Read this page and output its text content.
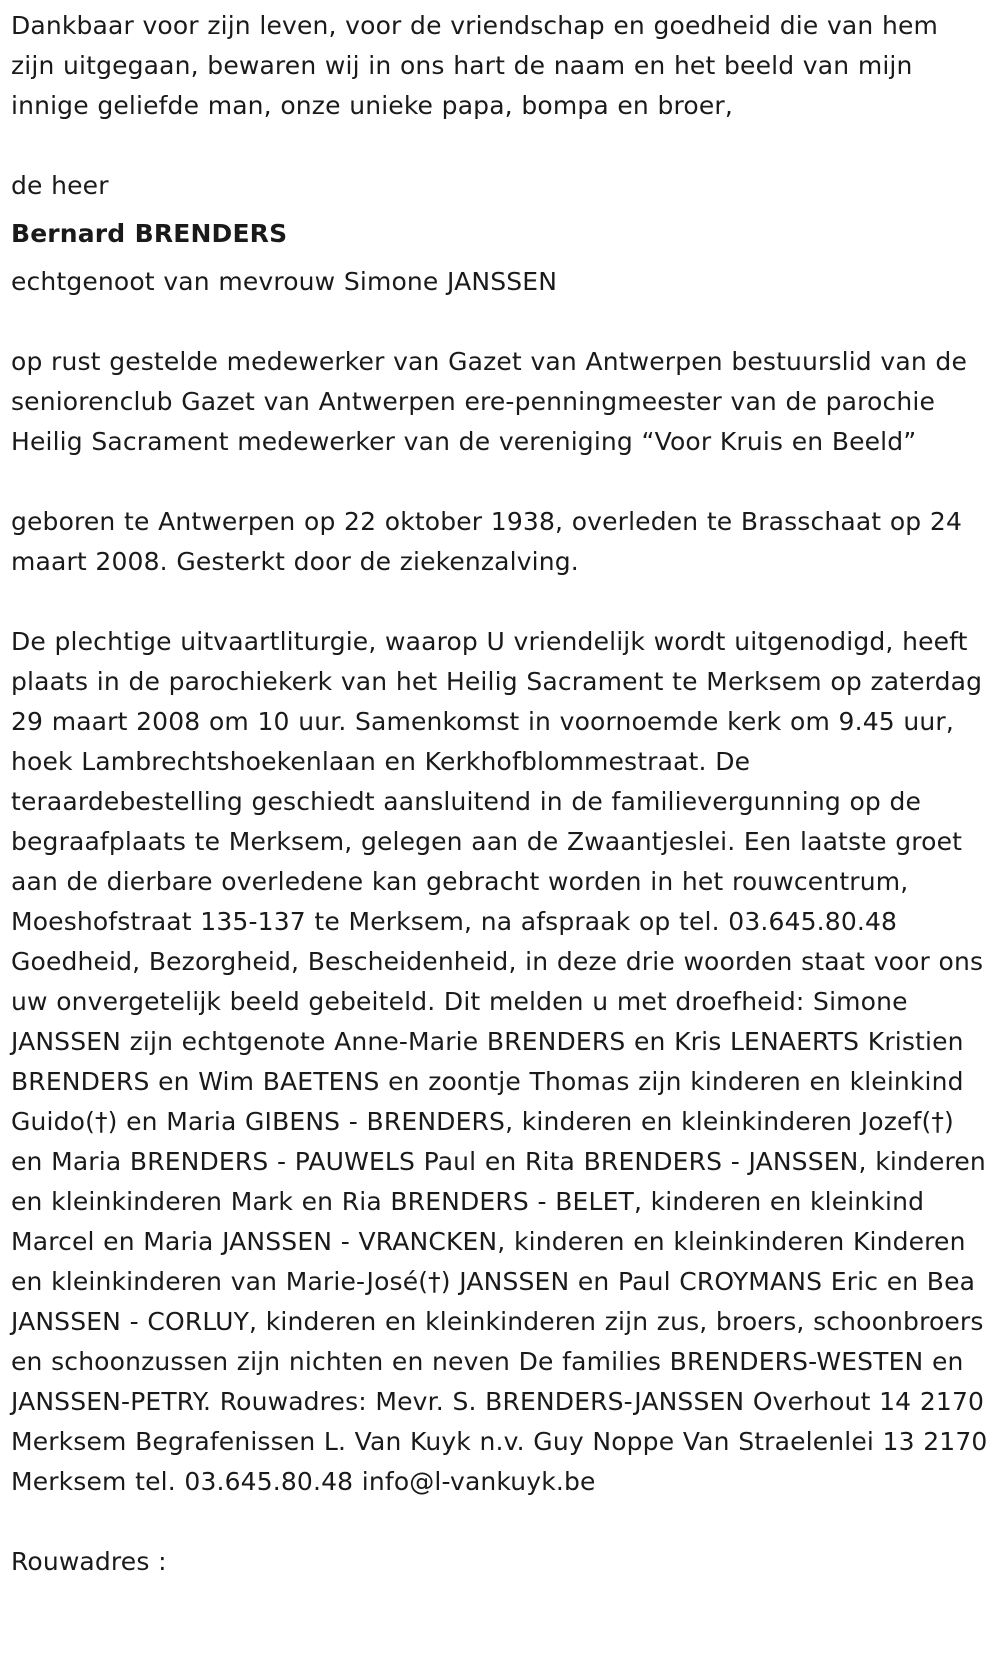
Dankbaar voor zijn leven, voor de vriendschap en goedheid die van hem zijn uitgegaan, bewaren wij in ons hart de naam en het beeld van mijn innige geliefde man, onze unieke papa, bompa en broer,

de heer

Bernard BRENDERS

echtgenoot van mevrouw Simone JANSSEN

op rust gestelde medewerker van Gazet van Antwerpen bestuurslid van de seniorenclub Gazet van Antwerpen ere-penningmeester van de parochie Heilig Sacrament medewerker van de vereniging “Voor Kruis en Beeld”

geboren te Antwerpen op 22 oktober 1938, overleden te Brasschaat op 24 maart 2008. Gesterkt door de ziekenzalving.

De plechtige uitvaartliturgie, waarop U vriendelijk wordt uitgenodigd, heeft plaats in de parochiekerk van het Heilig Sacrament te Merksem op zaterdag 29 maart 2008 om 10 uur. Samenkomst in voornoemde kerk om 9.45 uur, hoek Lambrechtshoekenlaan en Kerkhofblommestraat. De teraardebestelling geschiedt aansluitend in de familievergunning op de begraafplaats te Merksem, gelegen aan de Zwaantjeslei. Een laatste groet aan de dierbare overledene kan gebracht worden in het rouwcentrum, Moeshofstraat 135-137 te Merksem, na afspraak op tel. 03.645.80.48 Goedheid, Bezorgheid, Bescheidenheid, in deze drie woorden staat voor ons uw onvergetelijk beeld gebeiteld. Dit melden u met droefheid: Simone JANSSEN zijn echtgenote Anne-Marie BRENDERS en Kris LENAERTS Kristien BRENDERS en Wim BAETENS en zoontje Thomas zijn kinderen en kleinkind Guido(†) en Maria GIBENS - BRENDERS, kinderen en kleinkinderen Jozef(†) en Maria BRENDERS - PAUWELS Paul en Rita BRENDERS - JANSSEN, kinderen en kleinkinderen Mark en Ria BRENDERS - BELET, kinderen en kleinkind Marcel en Maria JANSSEN - VRANCKEN, kinderen en kleinkinderen Kinderen en kleinkinderen van Marie-José(†) JANSSEN en Paul CROYMANS Eric en Bea JANSSEN - CORLUY, kinderen en kleinkinderen zijn zus, broers, schoonbroers en schoonzussen zijn nichten en neven De families BRENDERS-WESTEN en JANSSEN-PETRY. Rouwadres: Mevr. S. BRENDERS-JANSSEN Overhout 14 2170 Merksem Begrafenissen L. Van Kuyk n.v. Guy Noppe Van Straelenlei 13 2170 Merksem tel. 03.645.80.48 info@l-vankuyk.be

Rouwadres :
